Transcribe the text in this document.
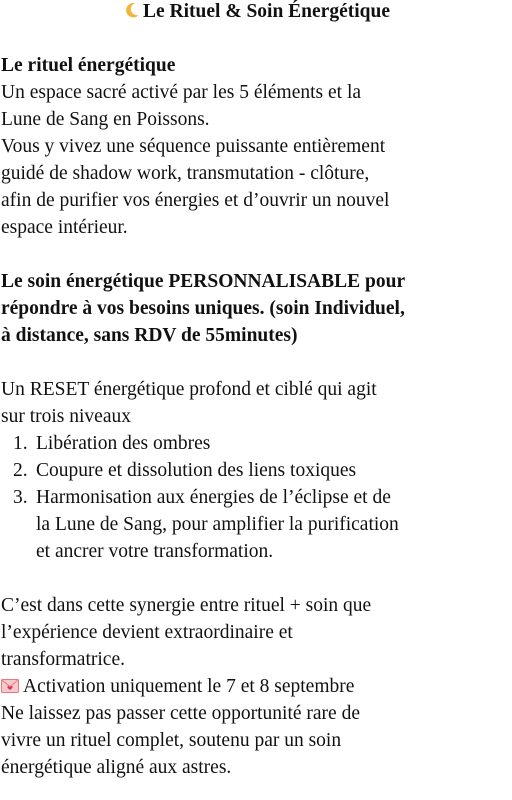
Le Rituel & Soin Énergétique

Le rituel énergétique

Un espace sacré activé par les 5 éléments et la

Lune de Sang en Poissons.

Vous y vivez une séquence puissante entièrement

guidé de shadow work, transmutation - clôture,

afin de purifier vos énergies et d’ouvrir un nouvel

espace intérieur.

Le soin énergétique PERSONNALISABLE pour

répondre à vos besoins uniques. (soin Individuel,

à distance, sans RDV de 55minutes)

Un RESET énergétique profond et ciblé qui agit

sur trois niveaux

1. Libération des ombres

2. Coupure et dissolution des liens toxiques

3. Harmonisation aux énergies de l’éclipse et de

la Lune de Sang, pour amplifier la purification

et ancrer votre transformation.

C’est dans cette synergie entre rituel + soin que

l’expérience devient extraordinaire et

transformatrice.

Activation uniquement le 7 et 8 septembre

Ne laissez pas passer cette opportunité rare de

vivre un rituel complet, soutenu par un soin

énergétique aligné aux astres.
